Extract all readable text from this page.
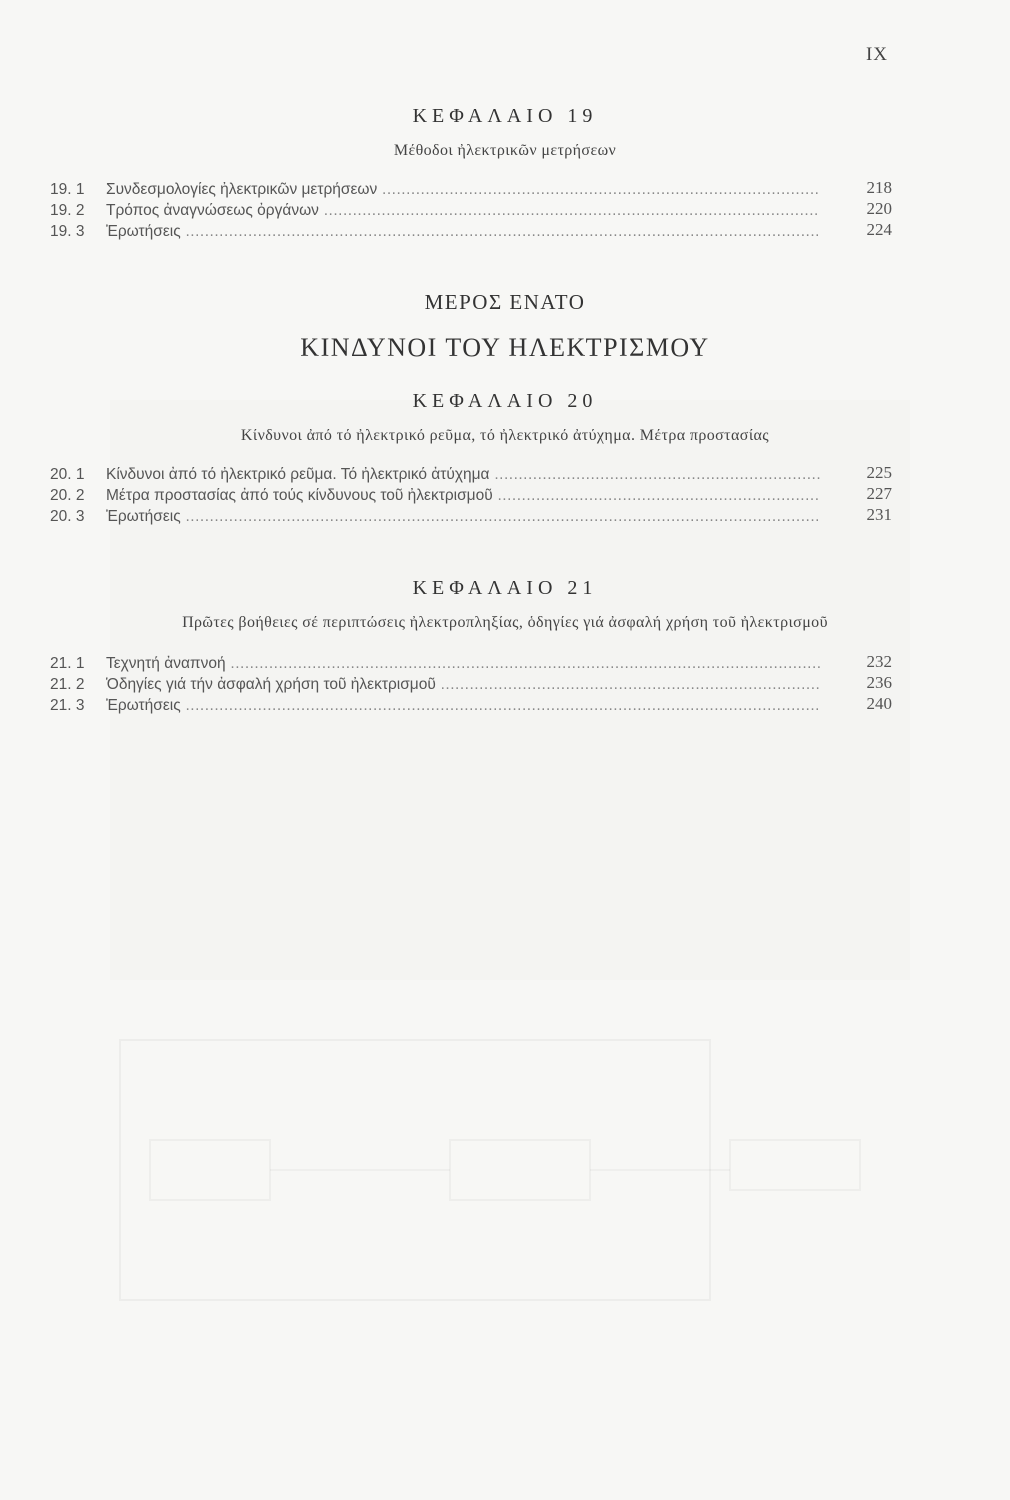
IX
ΚΕΦΑΛΑΙΟ 19
Μέθοδοι ἠλεκτρικῶν μετρήσεων
19. 1	Συνδεσμολογίες ἠλεκτρικῶν μετρήσεων .....	218
19. 2	Τρόπος ἀναγνώσεως ὀργάνων .....	220
19. 3	Ἐρωτήσεις .....	224
ΜΕΡΟΣ ΕΝΑΤΟ
ΚΙΝΔΥΝΟΙ ΤΟΥ ΗΛΕΚΤΡΙΣΜΟΥ
ΚΕΦΑΛΑΙΟ 20
Κίνδυνοι ἀπό τό ἠλεκτρικό ρεῦμα, τό ἠλεκτρικό ἀτύχημα. Μέτρα προστασίας
20. 1	Κίνδυνοι ἀπό τό ἠλεκτρικό ρεῦμα. Τό ἠλεκτρικό ἀτύχημα .....	225
20. 2	Μέτρα προστασίας ἀπό τούς κίνδυνους τοῦ ἠλεκτρισμοῦ .....	227
20. 3	Ἐρωτήσεις .....	231
ΚΕΦΑΛΑΙΟ 21
Πρῶτες βοήθειες σέ περιπτώσεις ἠλεκτροπληξίας, ὁδηγίες γιά ἀσφαλή χρήση τοῦ ἠλεκτρισμοῦ
21. 1	Τεχνητή ἀναπνοή .....	232
21. 2	Ὁδηγίες γιά τήν ἀσφαλή χρήση τοῦ ἠλεκτρισμοῦ .....	236
21. 3	Ἐρωτήσεις .....	240
